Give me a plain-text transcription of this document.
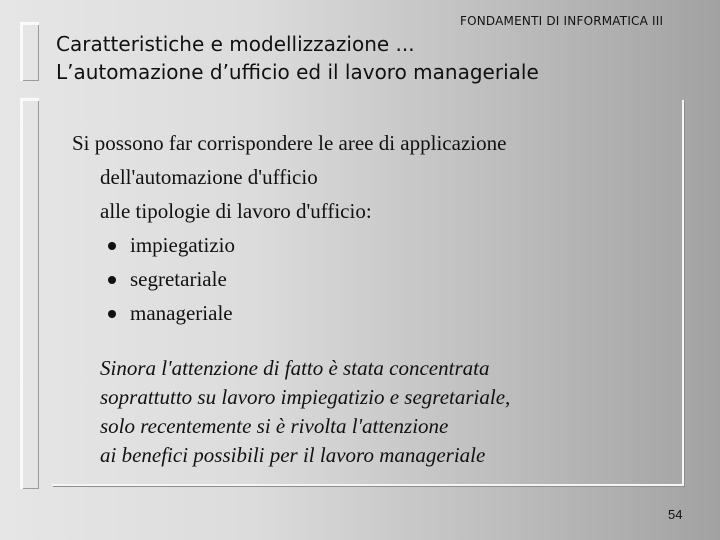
FONDAMENTI DI INFORMATICA III
Caratteristiche e modellizzazione ...
L’automazione d’ufficio ed il lavoro manageriale
Si possono far corrispondere le aree di applicazione
dell'automazione d'ufficio
alle tipologie di lavoro d'ufficio:
impiegatizio
segretariale
manageriale
Sinora l'attenzione di fatto è stata concentrata
soprattutto su lavoro impiegatizio e segretariale,
solo recentemente si è rivolta l'attenzione
ai benefici possibili per il lavoro manageriale
54
